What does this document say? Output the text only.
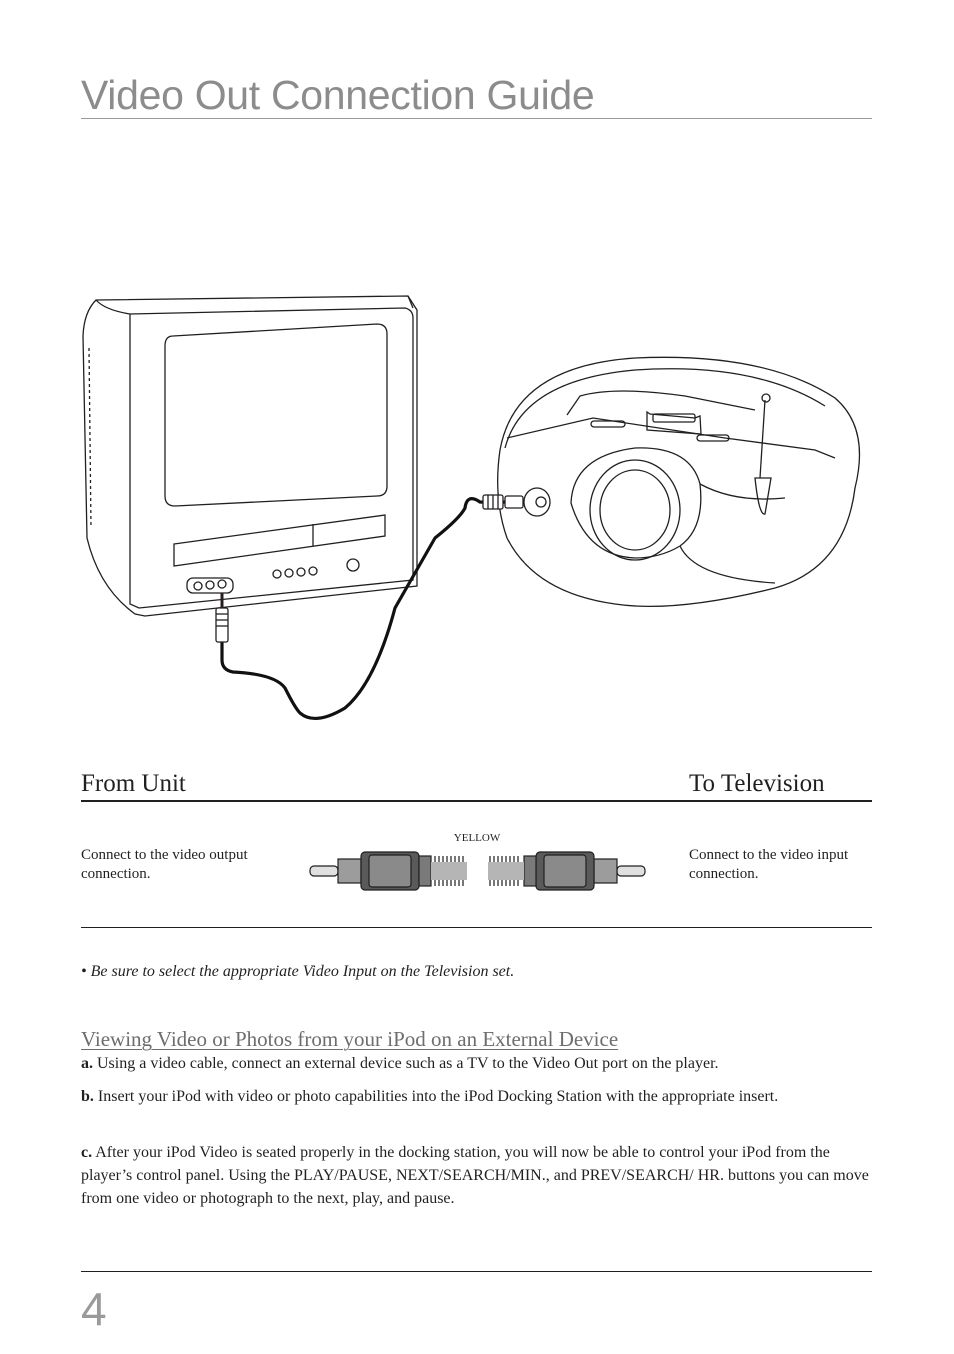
Video Out Connection Guide
From Unit	To Television
Connect to the video output connection.
Connect to the video input connection.
YELLOW
• Be sure to select the appropriate Video Input on the Television set.
Viewing Video or Photos from your iPod on an External Device

a. Using a video cable, connect an external device such as a TV to the Video Out port on the player.

b. Insert your iPod with video or photo capabilities into the iPod Docking Station with the appropriate insert.

c. After your iPod Video is seated properly in the docking station, you will now be able to control your iPod from the player’s control panel. Using the PLAY/PAUSE, NEXT/SEARCH/MIN., and PREV/SEARCH/ HR. buttons you can move from one video or photograph to the next, play, and pause.

4
